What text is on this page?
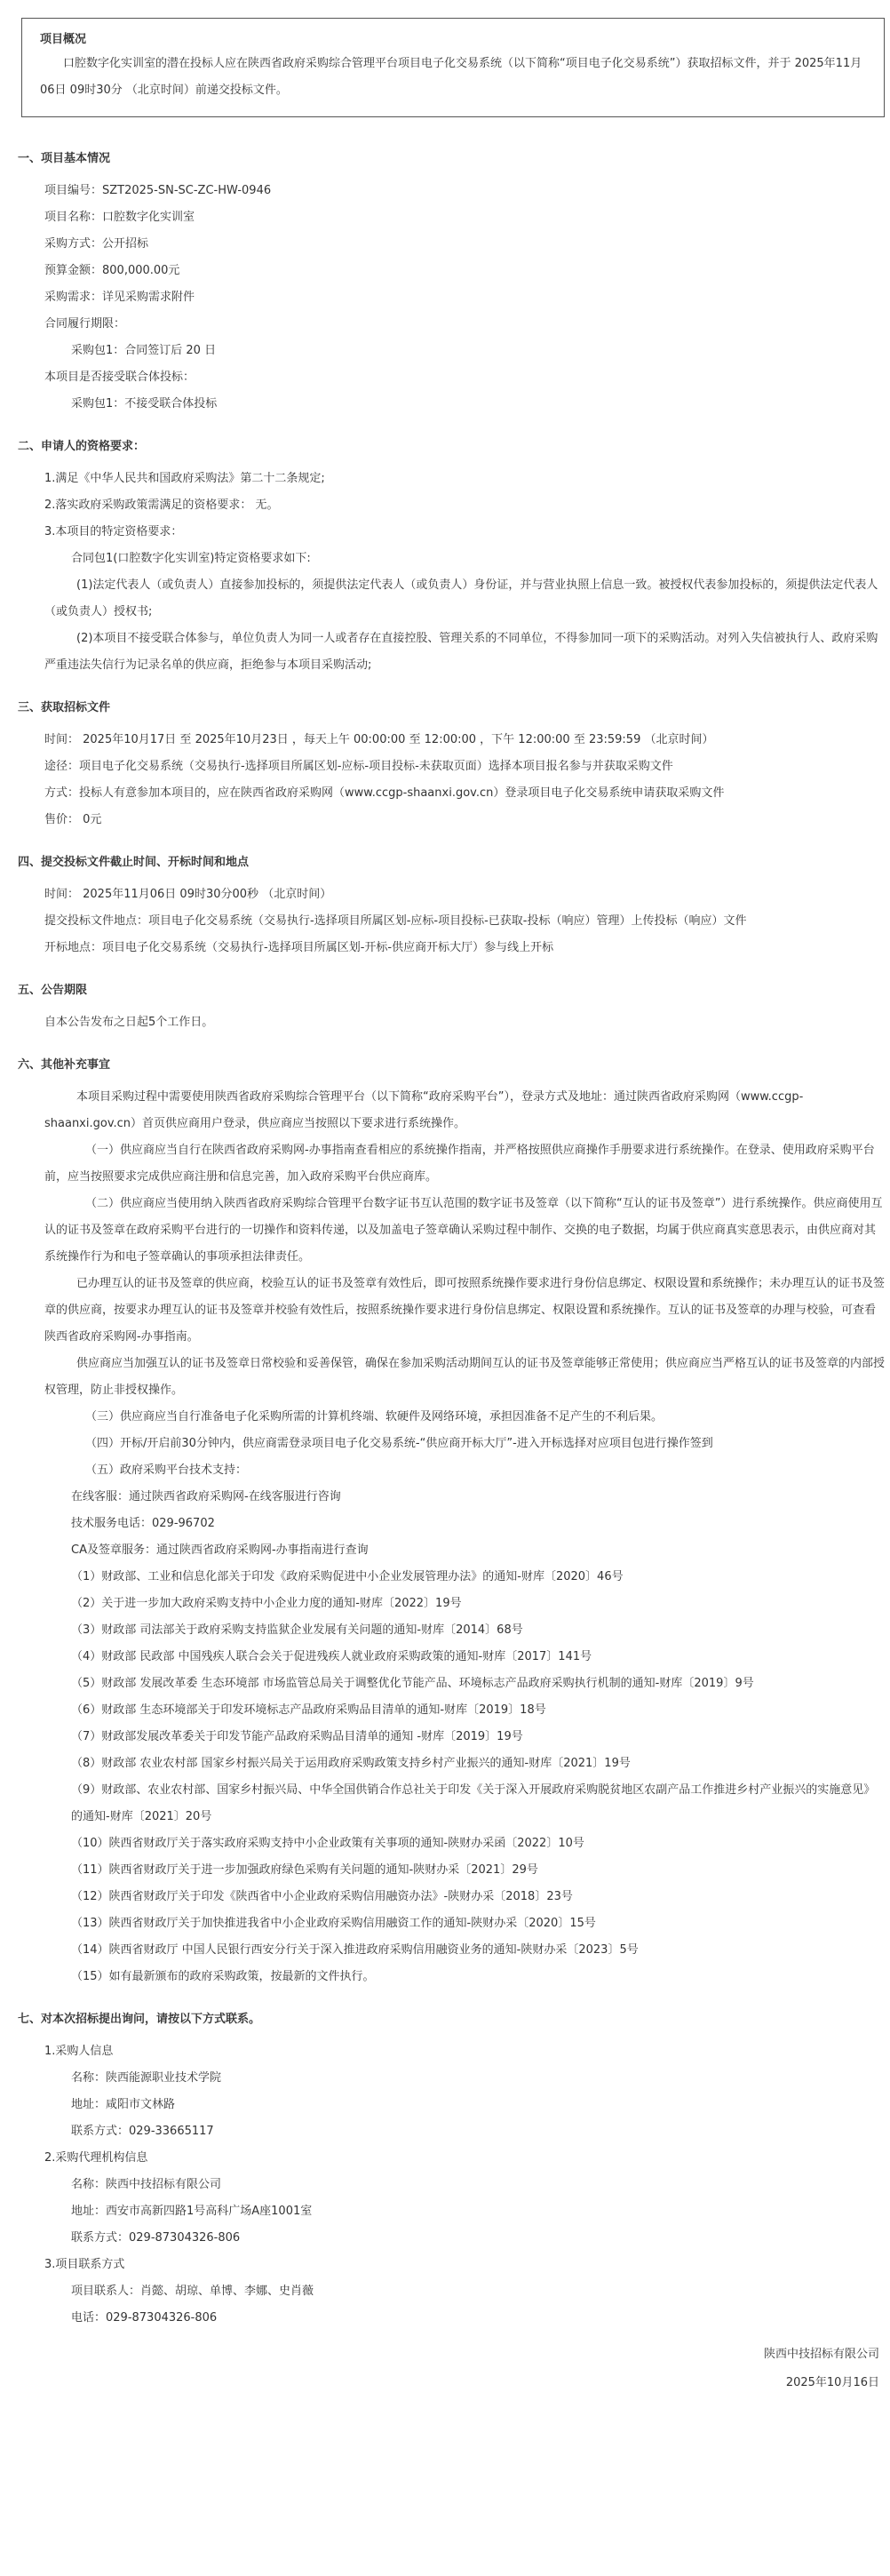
项目概况
口腔数字化实训室的潜在投标人应在陕西省政府采购综合管理平台项目电子化交易系统（以下简称“项目电子化交易系统”）获取招标文件，并于 2025年11月06日 09时30分 （北京时间）前递交投标文件。
一、项目基本情况
项目编号：SZT2025-SN-SC-ZC-HW-0946
项目名称：口腔数字化实训室
采购方式：公开招标
预算金额：800,000.00元
采购需求：详见采购需求附件
合同履行期限：
采购包1：合同签订后 20 日
本项目是否接受联合体投标：
采购包1：不接受联合体投标
二、申请人的资格要求：
1.满足《中华人民共和国政府采购法》第二十二条规定;
2.落实政府采购政策需满足的资格要求： 无。
3.本项目的特定资格要求：
合同包1(口腔数字化实训室)特定资格要求如下:
(1)法定代表人（或负责人）直接参加投标的，须提供法定代表人（或负责人）身份证，并与营业执照上信息一致。被授权代表参加投标的，须提供法定代表人（或负责人）授权书;
(2)本项目不接受联合体参与，单位负责人为同一人或者存在直接控股、管理关系的不同单位，不得参加同一项下的采购活动。对列入失信被执行人、政府采购严重违法失信行为记录名单的供应商，拒绝参与本项目采购活动;
三、获取招标文件
时间： 2025年10月17日 至 2025年10月23日 ，每天上午 00:00:00 至 12:00:00 ，下午 12:00:00 至 23:59:59 （北京时间）
途径：项目电子化交易系统（交易执行-选择项目所属区划-应标-项目投标-未获取页面）选择本项目报名参与并获取采购文件
方式：投标人有意参加本项目的，应在陕西省政府采购网（www.ccgp-shaanxi.gov.cn）登录项目电子化交易系统申请获取采购文件
售价： 0元
四、提交投标文件截止时间、开标时间和地点
时间： 2025年11月06日 09时30分00秒 （北京时间）
提交投标文件地点：项目电子化交易系统（交易执行-选择项目所属区划-应标-项目投标-已获取-投标（响应）管理）上传投标（响应）文件
开标地点：项目电子化交易系统（交易执行-选择项目所属区划-开标-供应商开标大厅）参与线上开标
五、公告期限
自本公告发布之日起5个工作日。
六、其他补充事宜
本项目采购过程中需要使用陕西省政府采购综合管理平台（以下简称“政府采购平台”），登录方式及地址：通过陕西省政府采购网（www.ccgp-shaanxi.gov.cn）首页供应商用户登录，供应商应当按照以下要求进行系统操作。
（一）供应商应当自行在陕西省政府采购网-办事指南查看相应的系统操作指南，并严格按照供应商操作手册要求进行系统操作。在登录、使用政府采购平台前，应当按照要求完成供应商注册和信息完善，加入政府采购平台供应商库。
（二）供应商应当使用纳入陕西省政府采购综合管理平台数字证书互认范围的数字证书及签章（以下简称“互认的证书及签章”）进行系统操作。供应商使用互认的证书及签章在政府采购平台进行的一切操作和资料传递，以及加盖电子签章确认采购过程中制作、交换的电子数据，均属于供应商真实意思表示，由供应商对其系统操作行为和电子签章确认的事项承担法律责任。
已办理互认的证书及签章的供应商，校验互认的证书及签章有效性后，即可按照系统操作要求进行身份信息绑定、权限设置和系统操作；未办理互认的证书及签章的供应商，按要求办理互认的证书及签章并校验有效性后，按照系统操作要求进行身份信息绑定、权限设置和系统操作。互认的证书及签章的办理与校验，可查看陕西省政府采购网-办事指南。
供应商应当加强互认的证书及签章日常校验和妥善保管，确保在参加采购活动期间互认的证书及签章能够正常使用；供应商应当严格互认的证书及签章的内部授权管理，防止非授权操作。
（三）供应商应当自行准备电子化采购所需的计算机终端、软硬件及网络环境，承担因准备不足产生的不利后果。
（四）开标/开启前30分钟内，供应商需登录项目电子化交易系统-“供应商开标大厅”-进入开标选择对应项目包进行操作签到
（五）政府采购平台技术支持：
在线客服：通过陕西省政府采购网-在线客服进行咨询
技术服务电话：029-96702
CA及签章服务：通过陕西省政府采购网-办事指南进行查询
（1）财政部、工业和信息化部关于印发《政府采购促进中小企业发展管理办法》的通知-财库〔2020〕46号
（2）关于进一步加大政府采购支持中小企业力度的通知-财库〔2022〕19号
（3）财政部 司法部关于政府采购支持监狱企业发展有关问题的通知-财库〔2014〕68号
（4）财政部 民政部 中国残疾人联合会关于促进残疾人就业政府采购政策的通知-财库〔2017〕141号
（5）财政部 发展改革委 生态环境部 市场监管总局关于调整优化节能产品、环境标志产品政府采购执行机制的通知-财库〔2019〕9号
（6）财政部 生态环境部关于印发环境标志产品政府采购品目清单的通知-财库〔2019〕18号
（7）财政部发展改革委关于印发节能产品政府采购品目清单的通知 -财库〔2019〕19号
（8）财政部 农业农村部 国家乡村振兴局关于运用政府采购政策支持乡村产业振兴的通知-财库〔2021〕19号
（9）财政部、农业农村部、国家乡村振兴局、中华全国供销合作总社关于印发《关于深入开展政府采购脱贫地区农副产品工作推进乡村产业振兴的实施意见》的通知-财库〔2021〕20号
（10）陕西省财政厅关于落实政府采购支持中小企业政策有关事项的通知-陕财办采函〔2022〕10号
（11）陕西省财政厅关于进一步加强政府绿色采购有关问题的通知-陕财办采〔2021〕29号
（12）陕西省财政厅关于印发《陕西省中小企业政府采购信用融资办法》-陕财办采〔2018〕23号
（13）陕西省财政厅关于加快推进我省中小企业政府采购信用融资工作的通知-陕财办采〔2020〕15号
（14）陕西省财政厅 中国人民银行西安分行关于深入推进政府采购信用融资业务的通知-陕财办采〔2023〕5号
（15）如有最新颁布的政府采购政策，按最新的文件执行。
七、对本次招标提出询问，请按以下方式联系。
1.采购人信息
名称：陕西能源职业技术学院
地址：咸阳市文林路
联系方式：029-33665117
2.采购代理机构信息
名称：陕西中技招标有限公司
地址：西安市高新四路1号高科广场A座1001室
联系方式：029-87304326-806
3.项目联系方式
项目联系人：肖懿、胡琼、单博、李娜、史肖薇
电话：029-87304326-806
陕西中技招标有限公司
2025年10月16日
